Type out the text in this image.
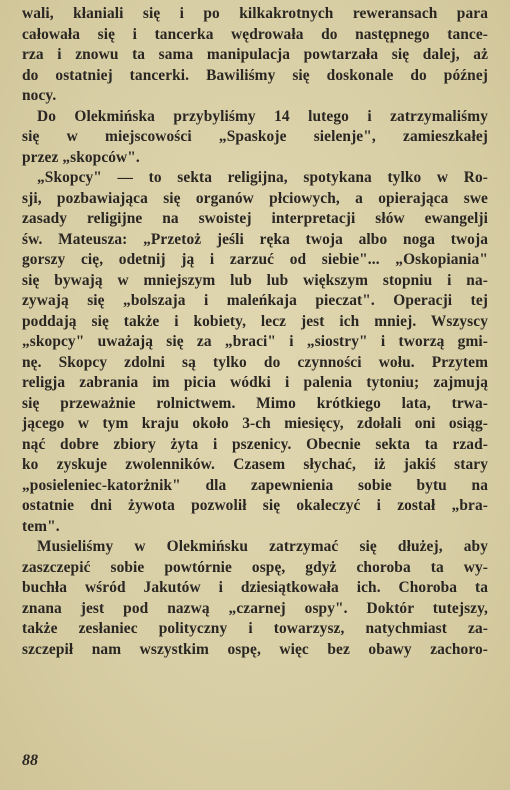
wali, kłaniali się i po kilkakrotnych reweransach para
całowała się i tancerka wędrowała do następnego tance-
rza i znowu ta sama manipulacja powtarzała się dalej, aż
do ostatniej tancerki. Bawiliśmy się doskonale do późnej
nocy.

Do Olekmińska przybyliśmy 14 lutego i zatrzymaliśmy
się w miejscowości „Spaskoje sielenje", zamieszkałej
przez „skopców".

„Skopcy" — to sekta religijna, spotykana tylko w Ro-
sji, pozbawiająca się organów płciowych, a opierająca swe
zasady religijne na swoistej interpretacji słów ewangelji
św. Mateusza: „Przetoż jeśli ręka twoja albo noga twoja
gorszy cię, odetnij ją i zarzuć od siebie"... „Oskopiania"
się bywają w mniejszym lub lub większym stopniu i na-
zywają się „bolszaja i maleńkaja pieczat". Operacji tej
poddają się także i kobiety, lecz jest ich mniej. Wszyscy
„skopcy" uważają się za „braci" i „siostry" i tworzą gmi-
nę. Skopcy zdolni są tylko do czynności wołu. Przytem
religja zabrania im picia wódki i palenia tytoniu; zajmują
się przeważnie rolnictwem. Mimo krótkiego lata, trwa-
jącego w tym kraju około 3-ch miesięcy, zdołali oni osiąg-
nąć dobre zbiory żyta i pszenicy. Obecnie sekta ta rzad-
ko zyskuje zwolenników. Czasem słychać, iż jakiś stary
„posieleniec-katorżnik" dla zapewnienia sobie bytu na
ostatnie dni żywota pozwolił się okaleczyć i został „bra-
tem".

Musieliśmy w Olekmińsku zatrzymać się dłużej, aby
zaszczepić sobie powtórnie ospę, gdyż choroba ta wy-
buchła wśród Jakutów i dziesiątkowała ich. Choroba ta
znana jest pod nazwą „czarnej ospy". Doktór tutejszy,
także zesłaniec polityczny i towarzysz, natychmiast za-
szczepił nam wszystkim ospę, więc bez obawy zachoro-

88
